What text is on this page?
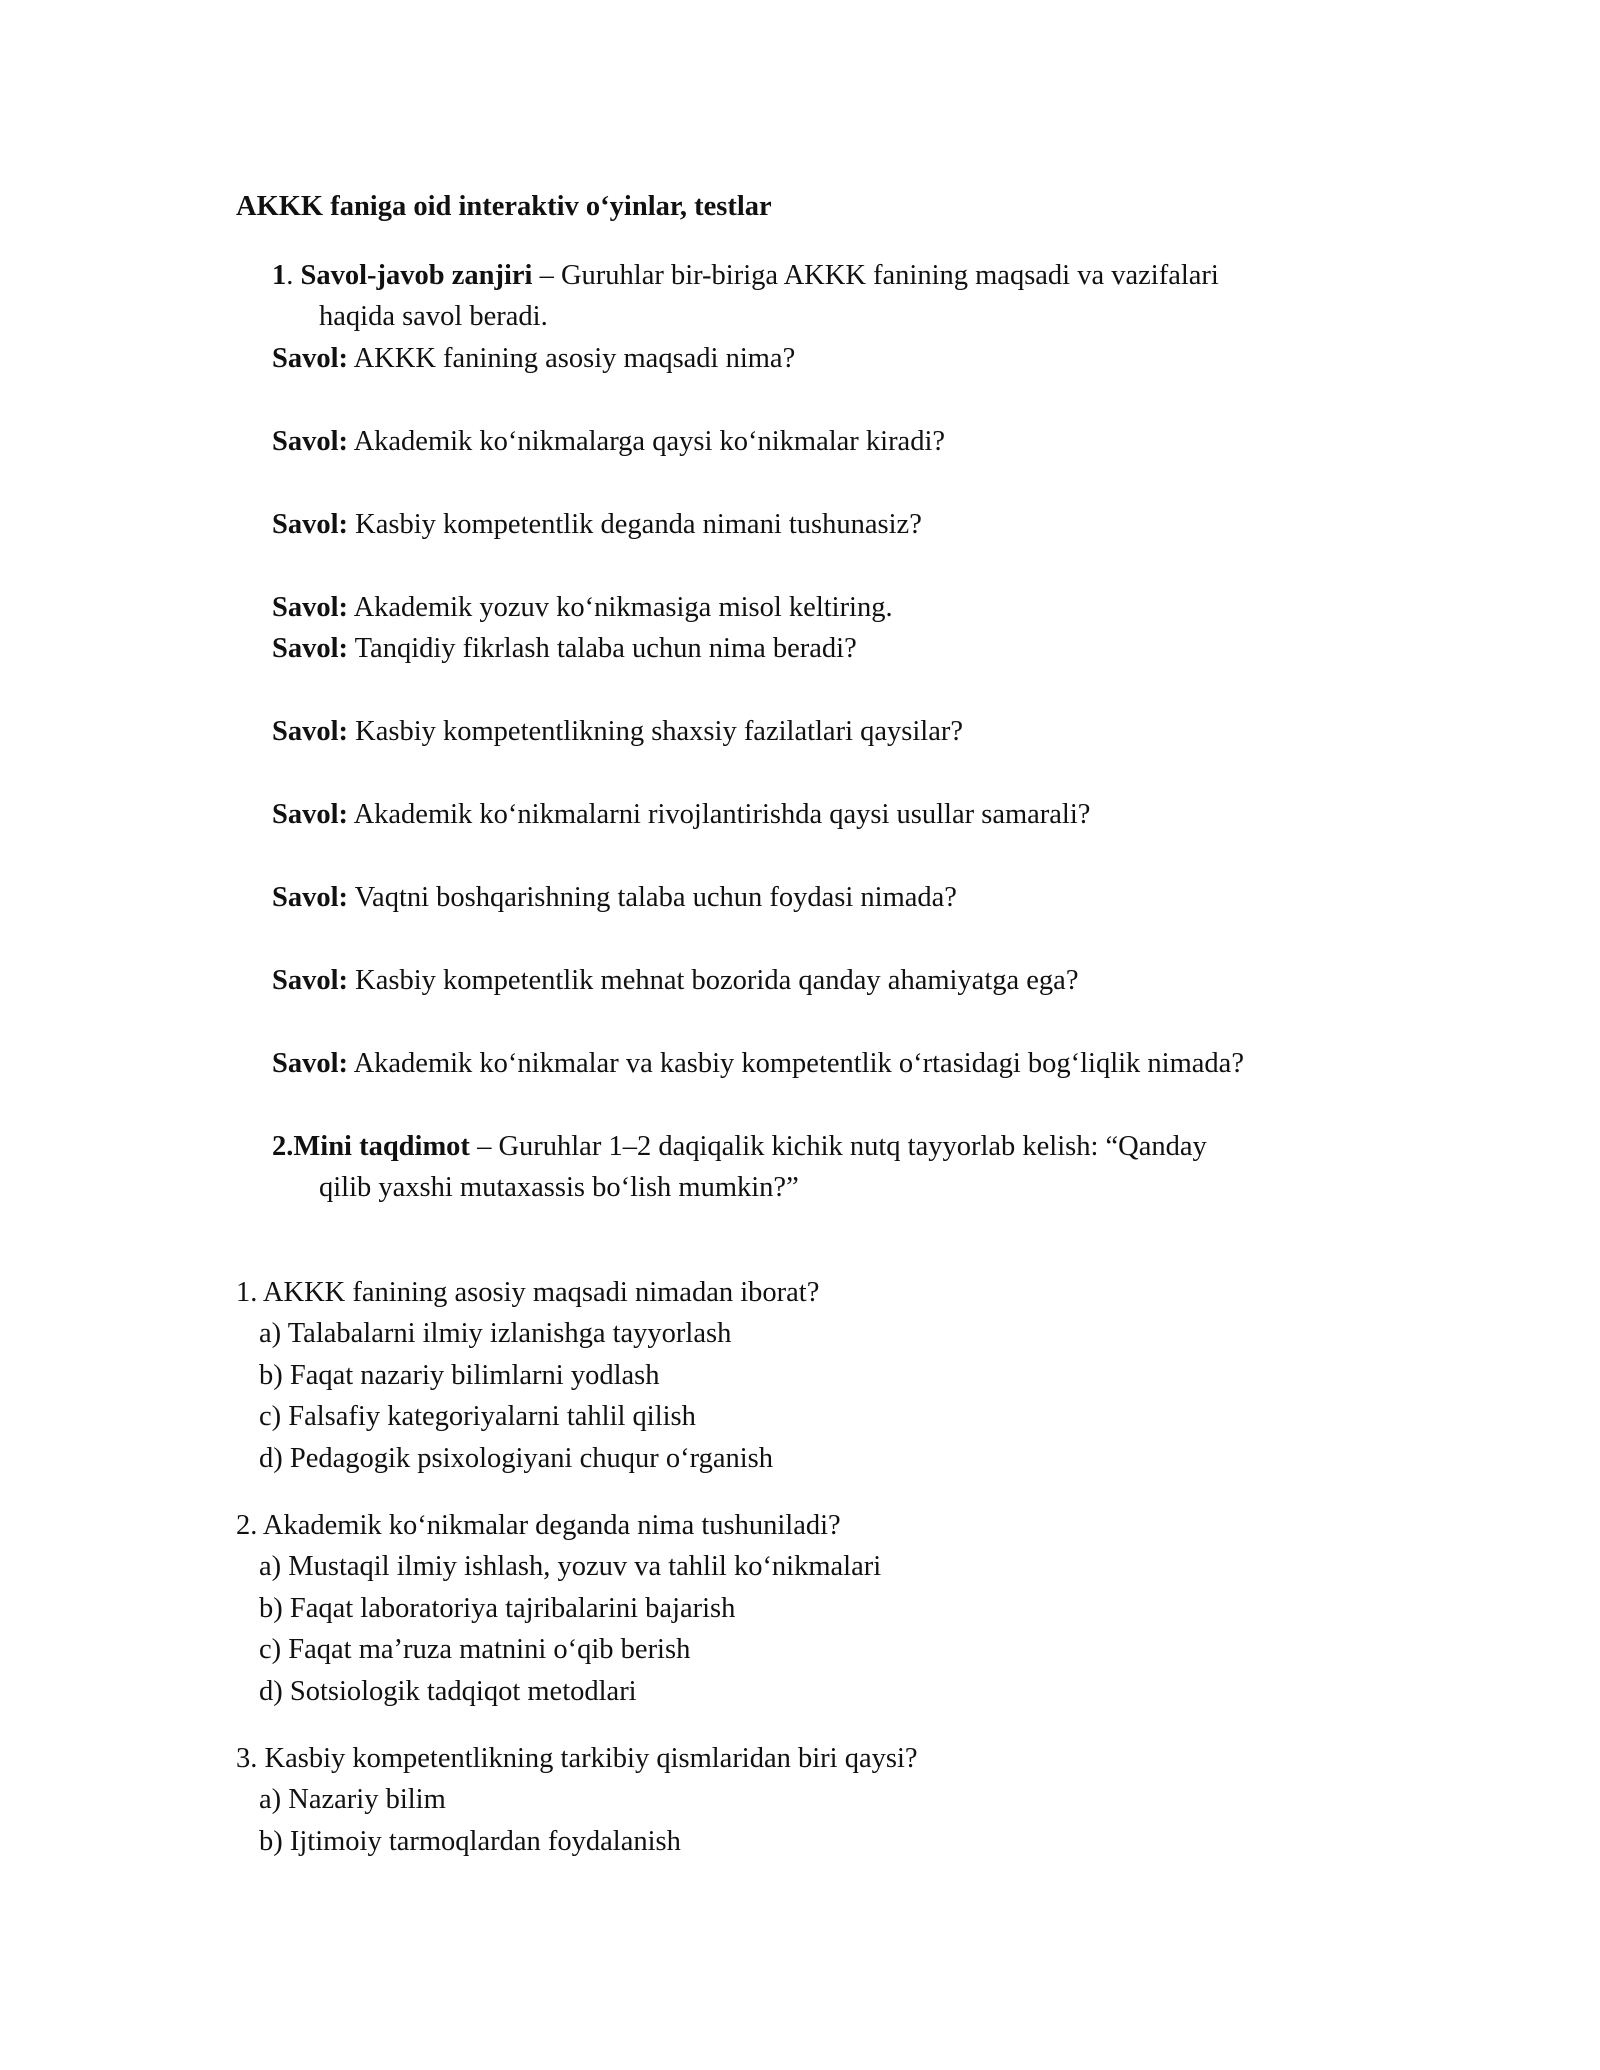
AKKK faniga oid interaktiv o‘yinlar, testlar
1. Savol-javob zanjiri – Guruhlar bir-biriga AKKK fanining maqsadi va vazifalari
haqida savol beradi.
Savol: AKKK fanining asosiy maqsadi nima?
Savol: Akademik ko‘nikmalarga qaysi ko‘nikmalar kiradi?
Savol: Kasbiy kompetentlik deganda nimani tushunasiz?
Savol: Akademik yozuv ko‘nikmasiga misol keltiring.
Savol: Tanqidiy fikrlash talaba uchun nima beradi?
Savol: Kasbiy kompetentlikning shaxsiy fazilatlari qaysilar?
Savol: Akademik ko‘nikmalarni rivojlantirishda qaysi usullar samarali?
Savol: Vaqtni boshqarishning talaba uchun foydasi nimada?
Savol: Kasbiy kompetentlik mehnat bozorida qanday ahamiyatga ega?
Savol: Akademik ko‘nikmalar va kasbiy kompetentlik o‘rtasidagi bog‘liqlik nimada?
2.Mini taqdimot – Guruhlar 1–2 daqiqalik kichik nutq tayyorlab kelish: “Qanday
qilib yaxshi mutaxassis bo‘lish mumkin?”
1. AKKK fanining asosiy maqsadi nimadan iborat?
a) Talabalarni ilmiy izlanishga tayyorlash
b) Faqat nazariy bilimlarni yodlash
c) Falsafiy kategoriyalarni tahlil qilish
d) Pedagogik psixologiyani chuqur o‘rganish
2. Akademik ko‘nikmalar deganda nima tushuniladi?
a) Mustaqil ilmiy ishlash, yozuv va tahlil ko‘nikmalari
b) Faqat laboratoriya tajribalarini bajarish
c) Faqat ma’ruza matnini o‘qib berish
d) Sotsiologik tadqiqot metodlari
3. Kasbiy kompetentlikning tarkibiy qismlaridan biri qaysi?
a) Nazariy bilim
b) Ijtimoiy tarmoqlardan foydalanish
